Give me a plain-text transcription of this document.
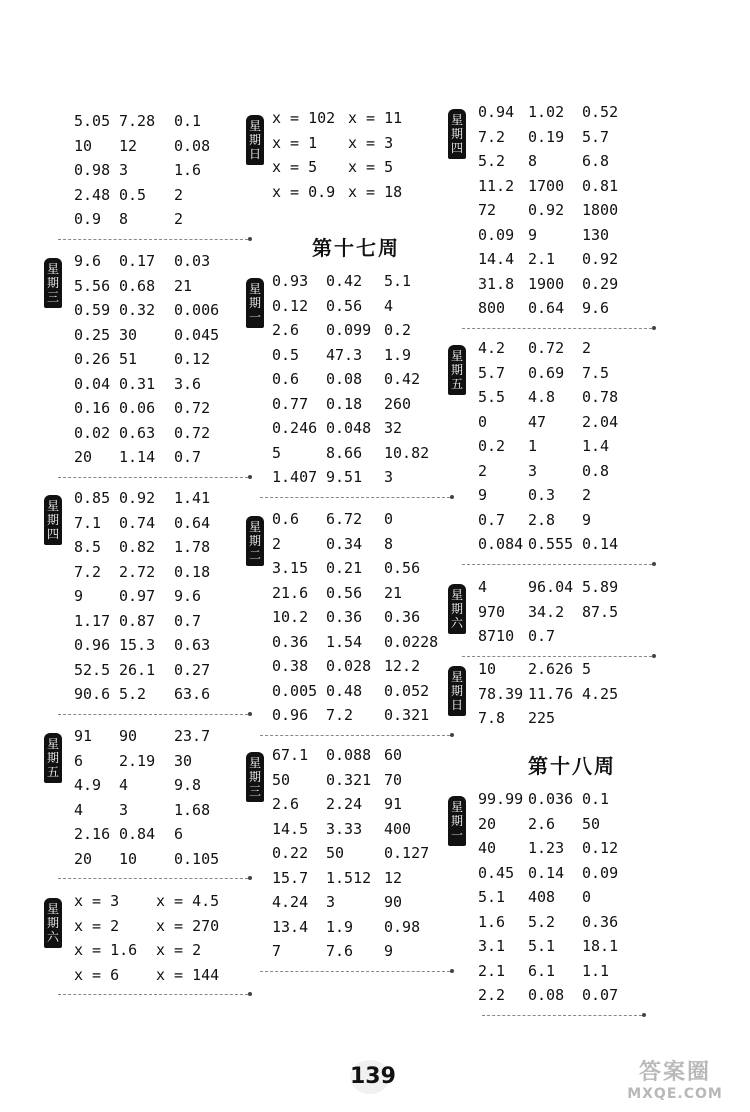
5.05 7.28 0.1
10 12 0.08
0.98 3	1.6
2.48 0.5 2
0.9 8	2
星
期
三
9.6 0.17 0.03
5.56 0.68 21
0.59 0.32 0.006
0.25 30 0.045
0.26 51 0.12
0.04 0.31 3.6
0.16 0.06 0.72
0.02 0.63 0.72
20 1.14 0.7
星
期
四
0.85 0.92 1.41
7.1 0.74 0.64
8.5 0.82 1.78
7.2 2.72 0.18
9 0.97 9.6
1.17 0.87 0.7
0.96 15.3 0.63
52.5 26.1 0.27
90.6 5.2 63.6
星
期
五
91 90 23.7
6 2.19 30
4.9 4	9.8
4 3	1.68
2.16 0.84 6
20 10 0.105
星
期
六
x = 3 x = 4.5
x = 2 x = 270
x = 1.6 x = 2
x = 6 x = 144
星
期
日
x = 102 x = 11
x = 1 x = 3
x = 5 x = 5
x = 0.9 x = 18
第十七周
星
期
一
0.93 0.42 5.1
0.12 0.56 4
2.6 0.099 0.2
0.5 47.3 1.9
0.6 0.08 0.42
0.77 0.18 260
0.246 0.048 32
5	8.66 10.82
1.407 9.51 3
星
期
二
0.6 6.72 0
2	0.34 8
3.15 0.21 0.56
21.6 0.56 21
10.2 0.36 0.36
0.36 1.54 0.0228
0.38 0.028 12.2
0.005 0.48 0.052
0.96 7.2 0.321
星
期
三
67.1 0.088 60
50 0.321 70
2.6 2.24 91
14.5 3.33 400
0.22 50	0.127
15.7 1.512 12
4.24 3	90
13.4 1.9 0.98
7	7.6 9
星
期
四
0.94 1.02 0.52
7.2 0.19 5.7
5.2 8	6.8
11.2 1700 0.81
72 0.92 1800
0.09 9	130
14.4 2.1 0.92
31.8 1900 0.29
800 0.64 9.6
星
期
五
4.2 0.72 2
5.7 0.69 7.5
5.5 4.8 0.78
0	47 2.04
0.2 1	1.4
2	3	0.8
9	0.3 2
0.7 2.8 9
0.084 0.555 0.14
星
期
六
4	96.04 5.89
970 34.2 87.5
8710 0.7
星
期
日
10 2.626 5
78.39 11.76 4.25
7.8 225
第十八周
星
期
一
99.99 0.036 0.1
20 2.6 50
40 1.23 0.12
0.45 0.14 0.09
5.1 408 0
1.6 5.2 0.36
3.1 5.1 18.1
2.1 6.1 1.1
2.2 0.08 0.07
139	答案圈
MXQE.COM
